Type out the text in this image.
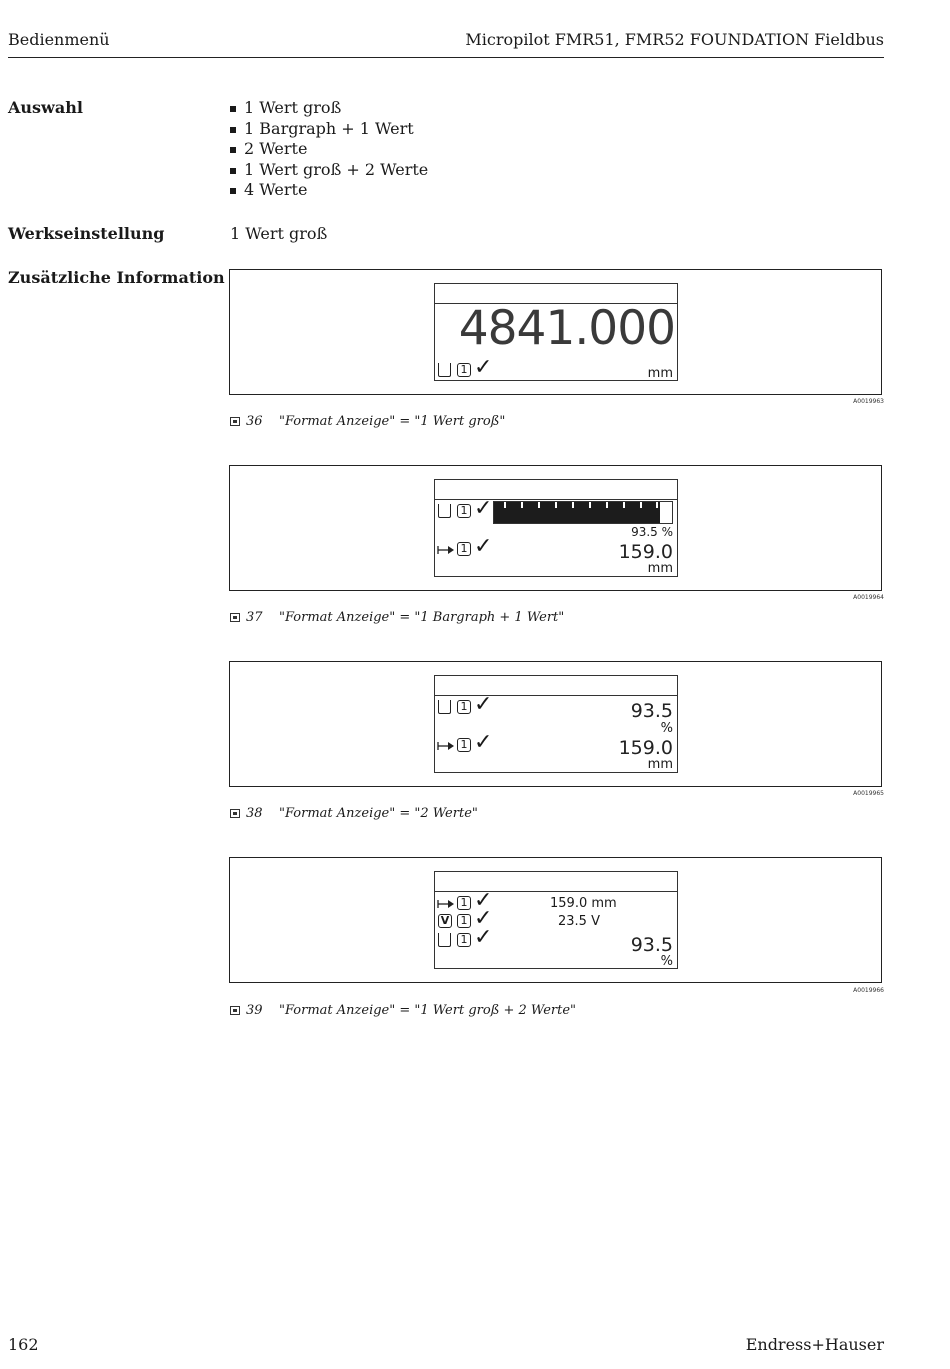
Bedienmenü	Micropilot FMR51, FMR52 FOUNDATION Fieldbus
Auswahl	1 Wert groß
1 Bargraph + 1 Wert
2 Werte
1 Wert groß + 2 Werte
4 Werte
Werkseinstellung	1 Wert groß
Zusätzliche Information
4841.000
1 ✓	mm
A0019963
36 "Format Anzeige" = "1 Wert groß"
1 ✓
93.5 %
1 ✓	159.0
mm
A0019964
37 "Format Anzeige" = "1 Bargraph + 1 Wert"
1 ✓	93.5
%
1 ✓	159.0
mm
A0019965
38 "Format Anzeige" = "2 Werte"
1 ✓	159.0 mm
V	1 ✓	23.5 V
1 ✓	93.5
%
A0019966
39 "Format Anzeige" = "1 Wert groß + 2 Werte"
162	Endress+Hauser
